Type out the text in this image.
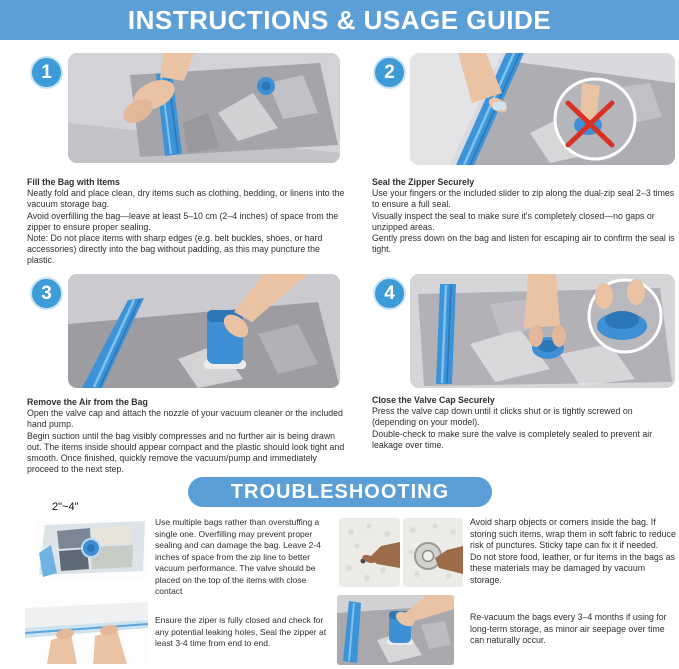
INSTRUCTIONS & USAGE GUIDE
1

Fill the Bag with Items

Neatly fold and place clean, dry items such as clothing, bedding, or linens into the vacuum storage bag.

Avoid overfilling the bag—leave at least 5–10 cm (2–4 inches) of space from the zipper to ensure proper sealing.

Note: Do not place items with sharp edges (e.g. belt buckles, shoes, or hard accessories) directly into the bag without padding, as this may puncture the plastic.

2

Seal the Zipper Securely

Use your fingers or the included slider to zip along the dual-zip seal 2–3 times to ensure a full seal.

Visually inspect the seal to make sure it's completely closed—no gaps or unzipped areas.

Gently press down on the bag and listen for escaping air to confirm the seal is tight.

3

Remove the Air from the Bag

Open the valve cap and attach the nozzle of your vacuum cleaner or the included hand pump.

Begin suction until the bag visibly compresses and no further air is being drawn out. The items inside should appear compact and the plastic should look tight and smooth. Once finished, quickly remove the vacuum/pump and immediately proceed to the next step.

4

Close the Valve Cap Securely

Press the valve cap down until it clicks shut or is tightly screwed on (depending on your model).

Double-check to make sure the valve is completely sealed to prevent air leakage over time.

TROUBLESHOOTING
2"~4"

Use multiple bags rather than overstuffing a single one. Overfilling may prevent proper sealing and can damage the bag. Leave 2-4 inches of space from the zip line to better vacuum performance. The valve should be placed on the top of the items with close contact

Ensure the ziper is fully closed and check for any potential leaking holes, Seal the zipper at least 3-4 time from end to end.

Avoid sharp objects or corners inside the bag. If storing such items, wrap them in soft fabric to reduce risk of punctures. Sticky tape can fix it if needed.

Do not store food, leather, or fur items in the bags as these materials may be damaged by vacuum storage.

Re-vacuum the bags every 3–4 months if using for long-term storage, as minor air seepage over time can naturally occur.
